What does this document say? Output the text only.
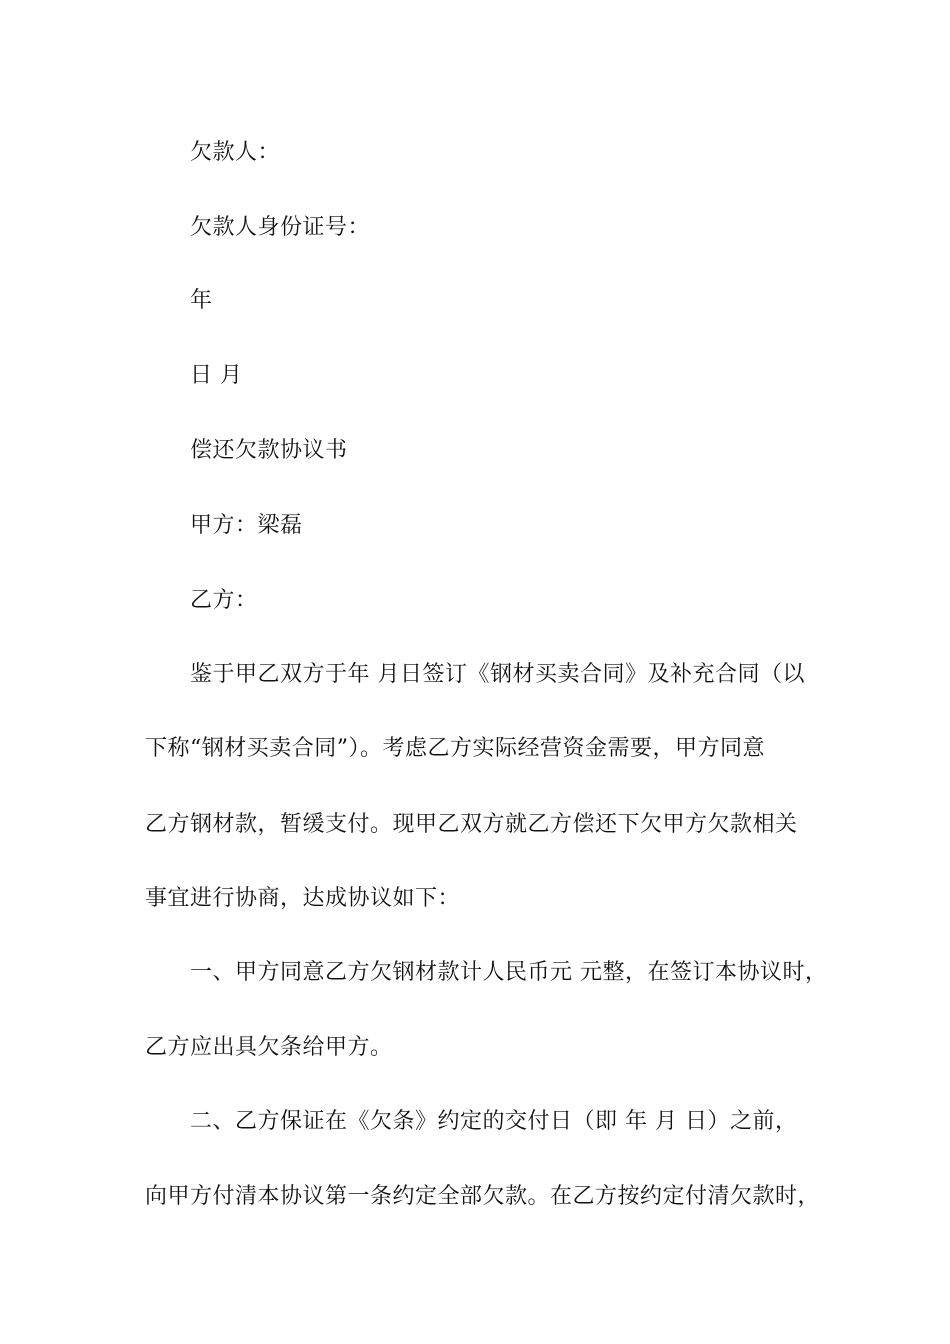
欠款人：
欠款人身份证号：
年
日 月
偿还欠款协议书
甲方：梁磊
乙方：
鉴于甲乙双方于年 月日签订《钢材买卖合同》及补充合同（以
下称“钢材买卖合同”）。考虑乙方实际经营资金需要，甲方同意
乙方钢材款，暂缓支付。现甲乙双方就乙方偿还下欠甲方欠款相关
事宜进行协商，达成协议如下：
一、甲方同意乙方欠钢材款计人民币元 元整，在签订本协议时，
乙方应出具欠条给甲方。
二、乙方保证在《欠条》约定的交付日（即 年 月 日）之前，
向甲方付清本协议第一条约定全部欠款。在乙方按约定付清欠款时，
